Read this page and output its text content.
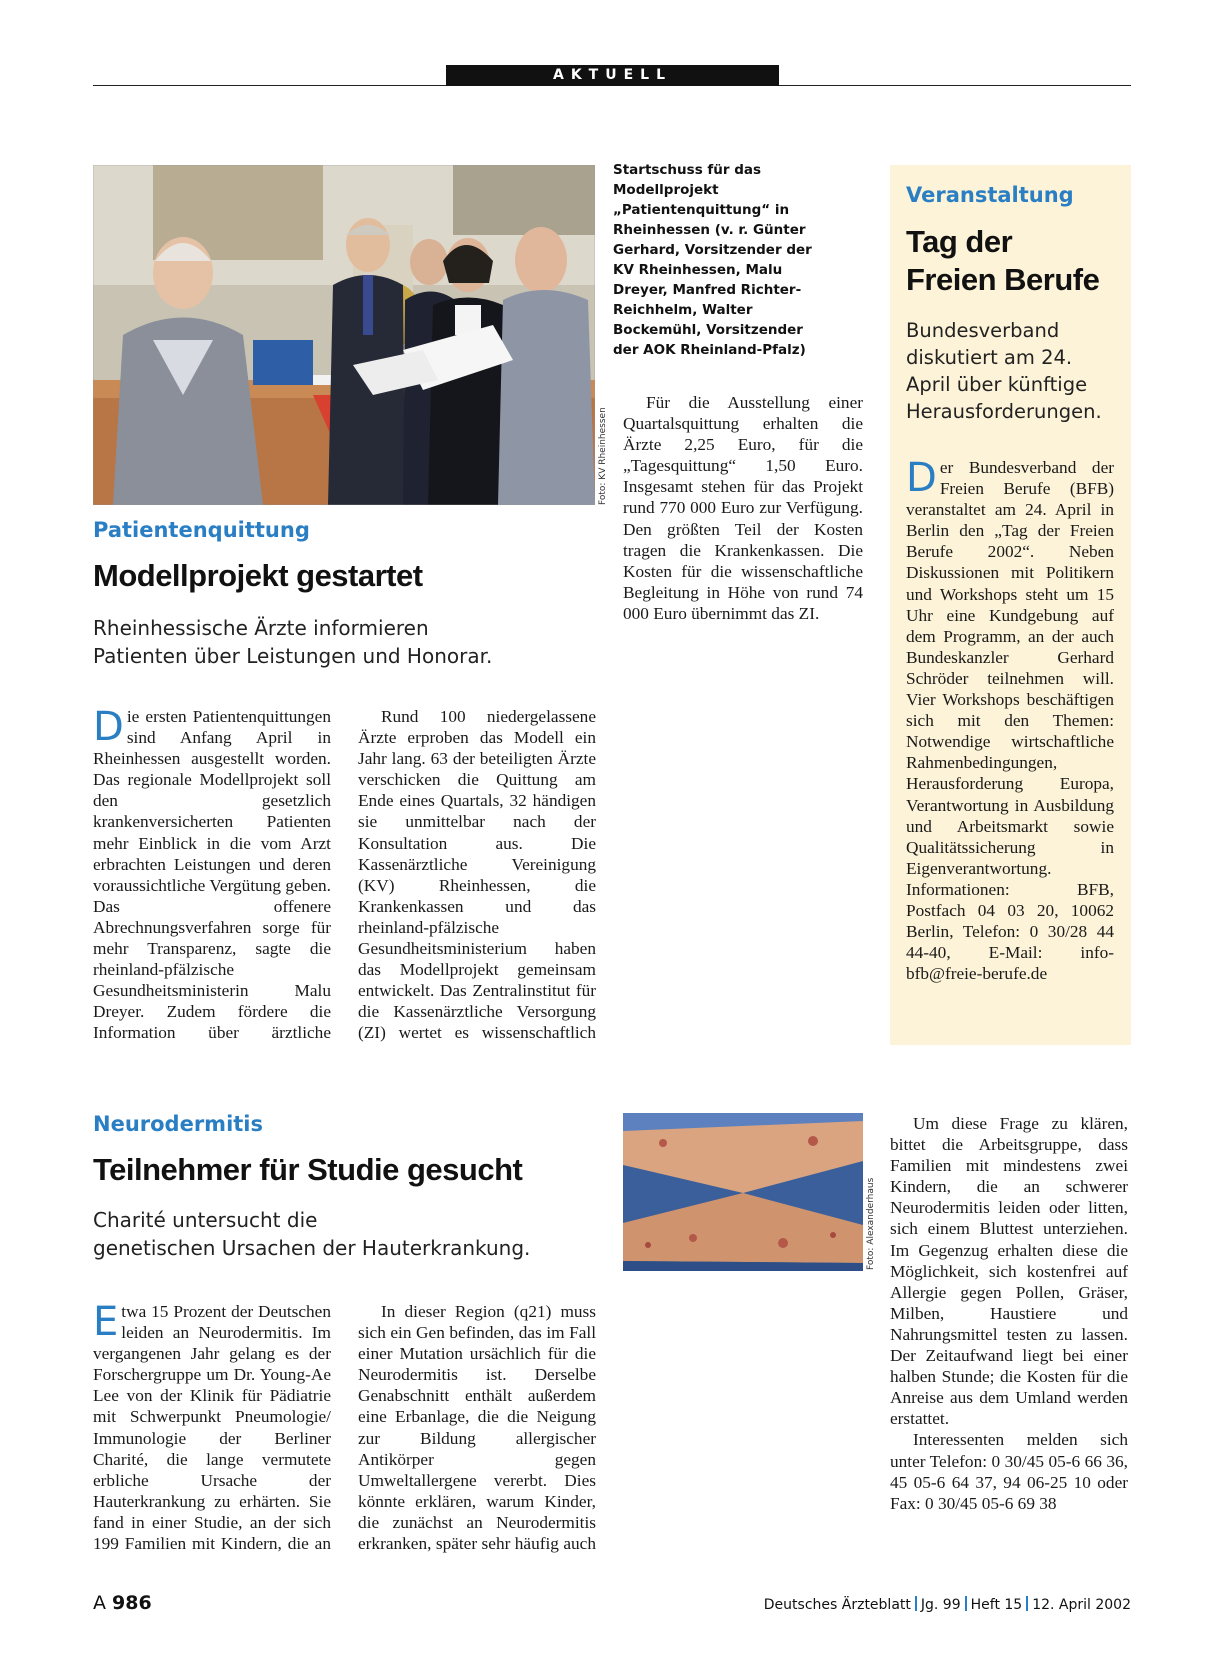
AKTUELL
Foto: KV Rheinhessen
Startschuss für das Modellprojekt „Patientenquittung“ in Rheinhessen (v. r. Günter Gerhard, Vorsitzender der KV Rheinhessen, Malu Dreyer, Manfred Richter-Reichhelm, Walter Bockemühl, Vorsitzender der AOK Rheinland-Pfalz)
Patientenquittung
Modellprojekt gestartet
Rheinhessische Ärzte informieren
Patienten über Leistungen und Honorar.

Die ersten Patientenquittungen sind Anfang April in Rheinhessen ausgestellt worden. Das regionale Modellprojekt soll den gesetzlich krankenversicherten Patienten mehr Einblick in die vom Arzt erbrachten Leistungen und deren voraussichtliche Vergütung geben. Das offenere Abrechnungsverfahren sorge für mehr Transparenz, sagte die rheinland-pfälzische Gesundheitsministerin Malu Dreyer. Zudem fördere die Information über ärztliche

Rund 100 niedergelassene Ärzte erproben das Modell ein Jahr lang. 63 der beteiligten Ärzte verschicken die Quittung am Ende eines Quartals, 32 händigen sie unmittelbar nach der Konsultation aus. Die Kassenärztliche Vereinigung (KV) Rheinhessen, die Krankenkassen und das rheinland-pfälzische Gesundheitsministerium haben das Modellprojekt gemeinsam entwickelt. Das Zentralinstitut für die Kassenärztliche Versorgung (ZI) wertet es wissenschaftlich

Für die Ausstellung einer Quartalsquittung erhalten die Ärzte 2,25 Euro, für die „Tagesquittung“ 1,50 Euro. Insgesamt stehen für das Projekt rund 770 000 Euro zur Verfügung. Den größten Teil der Kosten tragen die Krankenkassen. Die Kosten für die wissenschaftliche Begleitung in Höhe von rund 74 000 Euro übernimmt das ZI.

Veranstaltung
Tag der
Freien Berufe
Bundesverband diskutiert am 24. April über künftige Herausforderungen.

Der Bundesverband der Freien Berufe (BFB) veranstaltet am 24. April in Berlin den „Tag der Freien Berufe 2002“. Neben Diskussionen mit Politikern und Workshops steht um 15 Uhr eine Kundgebung auf dem Programm, an der auch Bundeskanzler Gerhard Schröder teilnehmen will. Vier Workshops beschäftigen sich mit den Themen: Notwendige wirtschaftliche Rahmenbedingungen, Herausforderung Europa, Verantwortung in Ausbildung und Arbeitsmarkt sowie Qualitätssicherung in Eigenverantwortung. Informationen: BFB, Postfach 04 03 20, 10062 Berlin, Telefon: 0 30/28 44 44-40, E-Mail: info-bfb@freie-berufe.de

Neurodermitis
Teilnehmer für Studie gesucht
Charité untersucht die
genetischen Ursachen der Hauterkrankung.	Foto: Alexanderhaus

Etwa 15 Prozent der Deutschen leiden an Neurodermitis. Im vergangenen Jahr gelang es der Forschergruppe um Dr. Young-Ae Lee von der Klinik für Pädiatrie mit Schwerpunkt Pneumologie/ Immunologie der Berliner Charité, die lange vermutete erbliche Ursache der Hauterkrankung zu erhärten. Sie fand in einer Studie, an der sich 199 Familien mit Kindern, die an

In dieser Region (q21) muss sich ein Gen befinden, das im Fall einer Mutation ursächlich für die Neurodermitis ist. Derselbe Genabschnitt enthält außerdem eine Erbanlage, die die Neigung zur Bildung allergischer Antikörper gegen Umweltallergene vererbt. Dies könnte erklären, warum Kinder, die zunächst an Neurodermitis erkranken, später sehr häufig auch

Um diese Frage zu klären, bittet die Arbeitsgruppe, dass Familien mit mindestens zwei Kindern, die an schwerer Neurodermitis leiden oder litten, sich einem Bluttest unterziehen. Im Gegenzug erhalten diese die Möglichkeit, sich kostenfrei auf Allergie gegen Pollen, Gräser, Milben, Haustiere und Nahrungsmittel testen zu lassen. Der Zeitaufwand liegt bei einer halben Stunde; die Kosten für die Anreise aus dem Umland werden erstattet.

Interessenten melden sich unter Telefon: 0 30/45 05-6 66 36, 45 05-6 64 37, 94 06-25 10 oder Fax: 0 30/45 05-6 69 38

A 986	Deutsches Ärzteblatt Jg. 99 Heft 15 12. April 2002
